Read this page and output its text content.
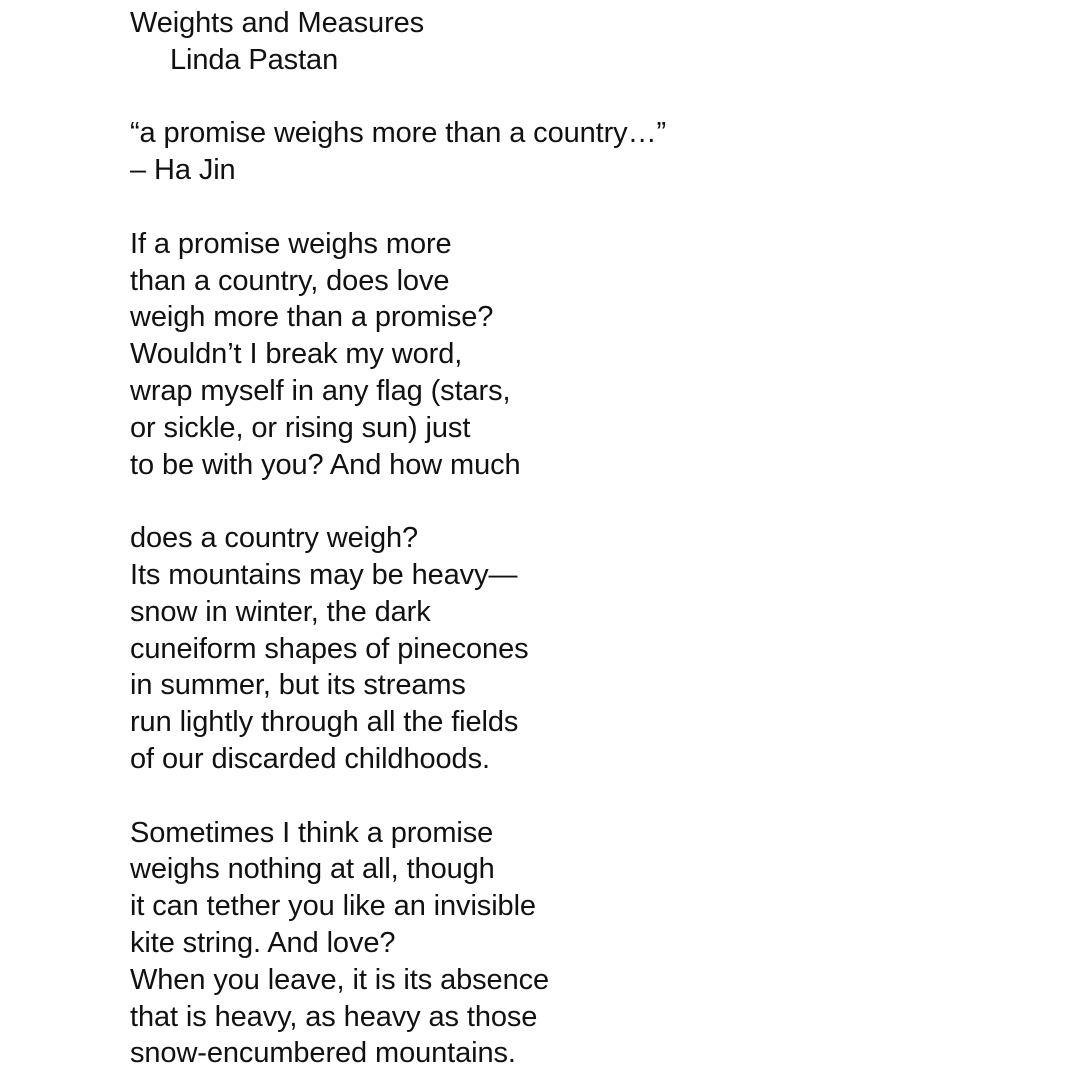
Weights and Measures
Linda Pastan
“a promise weighs more than a country…”
– Ha Jin
If a promise weighs more
than a country, does love
weigh more than a promise?
Wouldn’t I break my word,
wrap myself in any flag (stars,
or sickle, or rising sun) just
to be with you? And how much
does a country weigh?
Its mountains may be heavy—
snow in winter, the dark
cuneiform shapes of pinecones
in summer, but its streams
run lightly through all the fields
of our discarded childhoods.
Sometimes I think a promise
weighs nothing at all, though
it can tether you like an invisible
kite string. And love?
When you leave, it is its absence
that is heavy, as heavy as those
snow-encumbered mountains.
